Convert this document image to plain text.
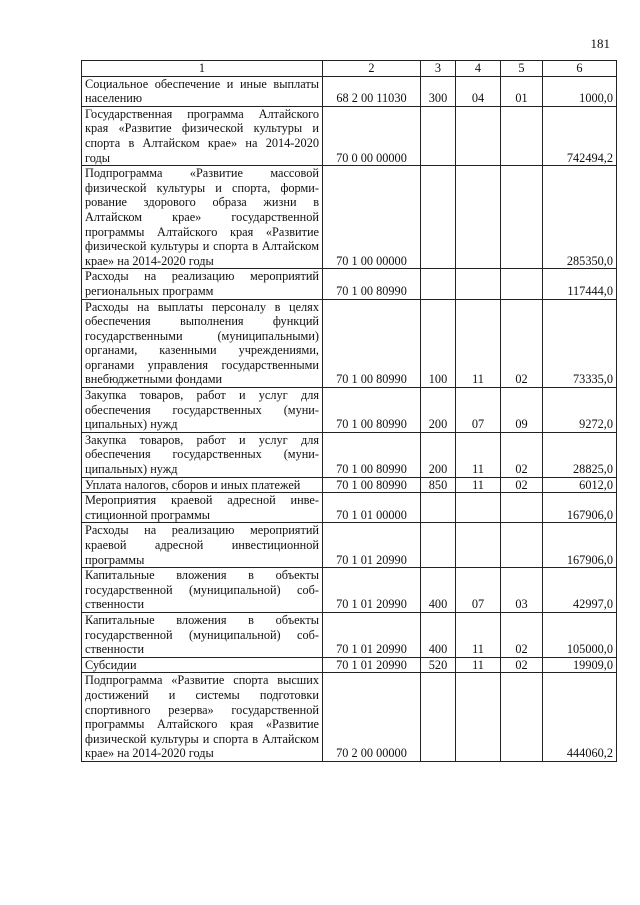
181
1	2	3	4	5	6
Социальное обеспечение и иные выплаты населению	68 2 00 11030	300	04	01	1000,0
Государственная программа Алтайского края «Развитие физической культуры и спорта в Алтайском крае» на 2014-2020 годы	70 0 00 00000				742494,2
Подпрограмма «Развитие массовой физической культуры и спорта, формирование здорового образа жизни в Алтайском крае» государственной программы Алтайского края «Развитие физической культуры и спорта в Алтайском крае» на 2014-2020 годы	70 1 00 00000				285350,0
Расходы на реализацию мероприятий региональных программ	70 1 00 80990				117444,0
Расходы на выплаты персоналу в целях обеспечения выполнения функций государственными (муниципальными) органами, казенными учреждениями, органами управления государственными внебюджетными фондами	70 1 00 80990	100	11	02	73335,0
Закупка товаров, работ и услуг для обеспечения государственных (муниципальных) нужд	70 1 00 80990	200	07	09	9272,0
Закупка товаров, работ и услуг для обеспечения государственных (муниципальных) нужд	70 1 00 80990	200	11	02	28825,0
Уплата налогов, сборов и иных платежей	70 1 00 80990	850	11	02	6012,0
Мероприятия краевой адресной инвестиционной программы	70 1 01 00000				167906,0
Расходы на реализацию мероприятий краевой адресной инвестиционной программы	70 1 01 20990				167906,0
Капитальные вложения в объекты государственной (муниципальной) собственности	70 1 01 20990	400	07	03	42997,0
Капитальные вложения в объекты государственной (муниципальной) собственности	70 1 01 20990	400	11	02	105000,0
Субсидии	70 1 01 20990	520	11	02	19909,0
Подпрограмма «Развитие спорта высших достижений и системы подготовки спортивного резерва» государственной программы Алтайского края «Развитие физической культуры и спорта в Алтайском крае» на 2014-2020 годы	70 2 00 00000				444060,2
